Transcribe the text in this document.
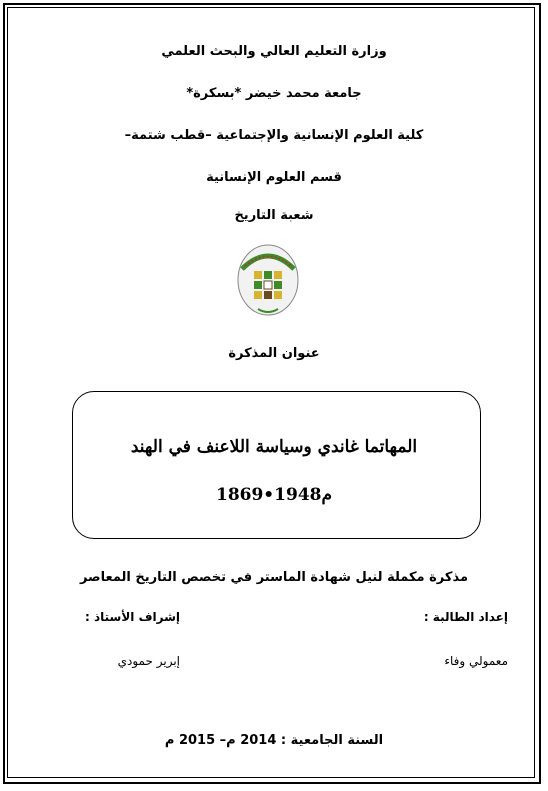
وزارة التعليم العالي والبحث العلمي
جامعة محمد خيضر *بسكرة*
كلية العلوم الإنسانية والإجتماعية –قطب شتمة–
قسم العلوم الإنسانية
شعبة التاريخ
عنوان المذكرة
المهاتما غاندي وسياسة اللاعنف في الهند
1869•1948م
مذكرة مكملة لنيل شهادة الماستر في تخصص التاريخ المعاصر
إعداد الطالبة :
إشراف الأستاذ :
معمولي وفاء
إبرير حمودي
السنة الجامعية : 2014 م– 2015 م
